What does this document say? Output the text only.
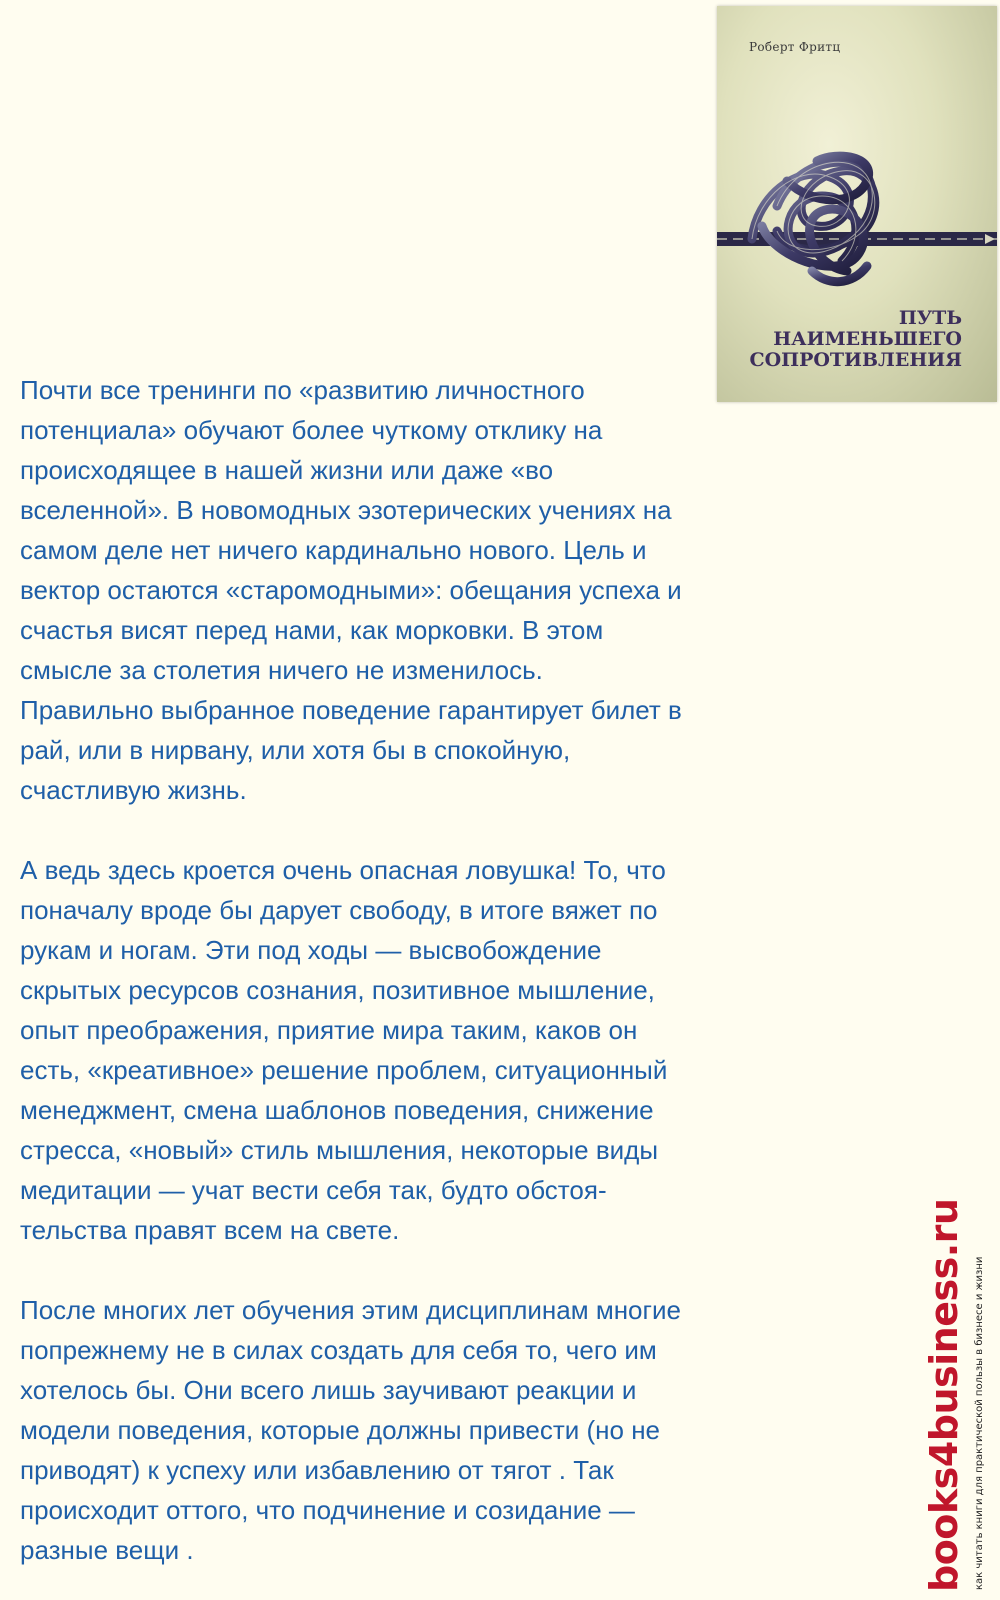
Роберт Фритц
ПУТЬ
НАИМЕНЬШЕГО
СОПРОТИВЛЕНИЯ

Почти все тренинги по «развитию личностного
потенциала» обучают более чуткому отклику на
происходящее в нашей жизни или даже «во
вселенной». В новомодных эзотерических учениях на
самом деле нет ничего кардинально нового. Цель и
вектор остаются «старомодными»: обещания успеха и
счастья висят перед нами, как морковки. В этом
смысле за столетия ничего не изменилось.
Правильно выбранное поведение гарантирует билет в
рай, или в нирвану, или хотя бы в спокойную,
счастливую жизнь.

А ведь здесь кроется очень опасная ловушка! То, что
поначалу вроде бы дарует свободу, в итоге вяжет по
рукам и ногам. Эти под ходы — высвобождение
скрытых ресурсов сознания, позитивное мышление,
опыт преображения, приятие мира таким, каков он
есть, «креативное» решение проблем, ситуационный
менеджмент, смена шаблонов поведения, снижение
стресса, «новый» стиль мышления, некоторые виды
медитации — учат вести себя так, будто обстоя-
тельства правят всем на свете.

После многих лет обучения этим дисциплинам многие
попрежнему не в силах создать для себя то, чего им
хотелось бы. Они всего лишь заучивают реакции и
модели поведения, которые должны привести (но не
приводят) к успеху или избавлению от тягот . Так
происходит оттого, что подчинение и созидание —
разные вещи .	books4business.ru как читать книги для практической пользы в бизнесе и жизни
